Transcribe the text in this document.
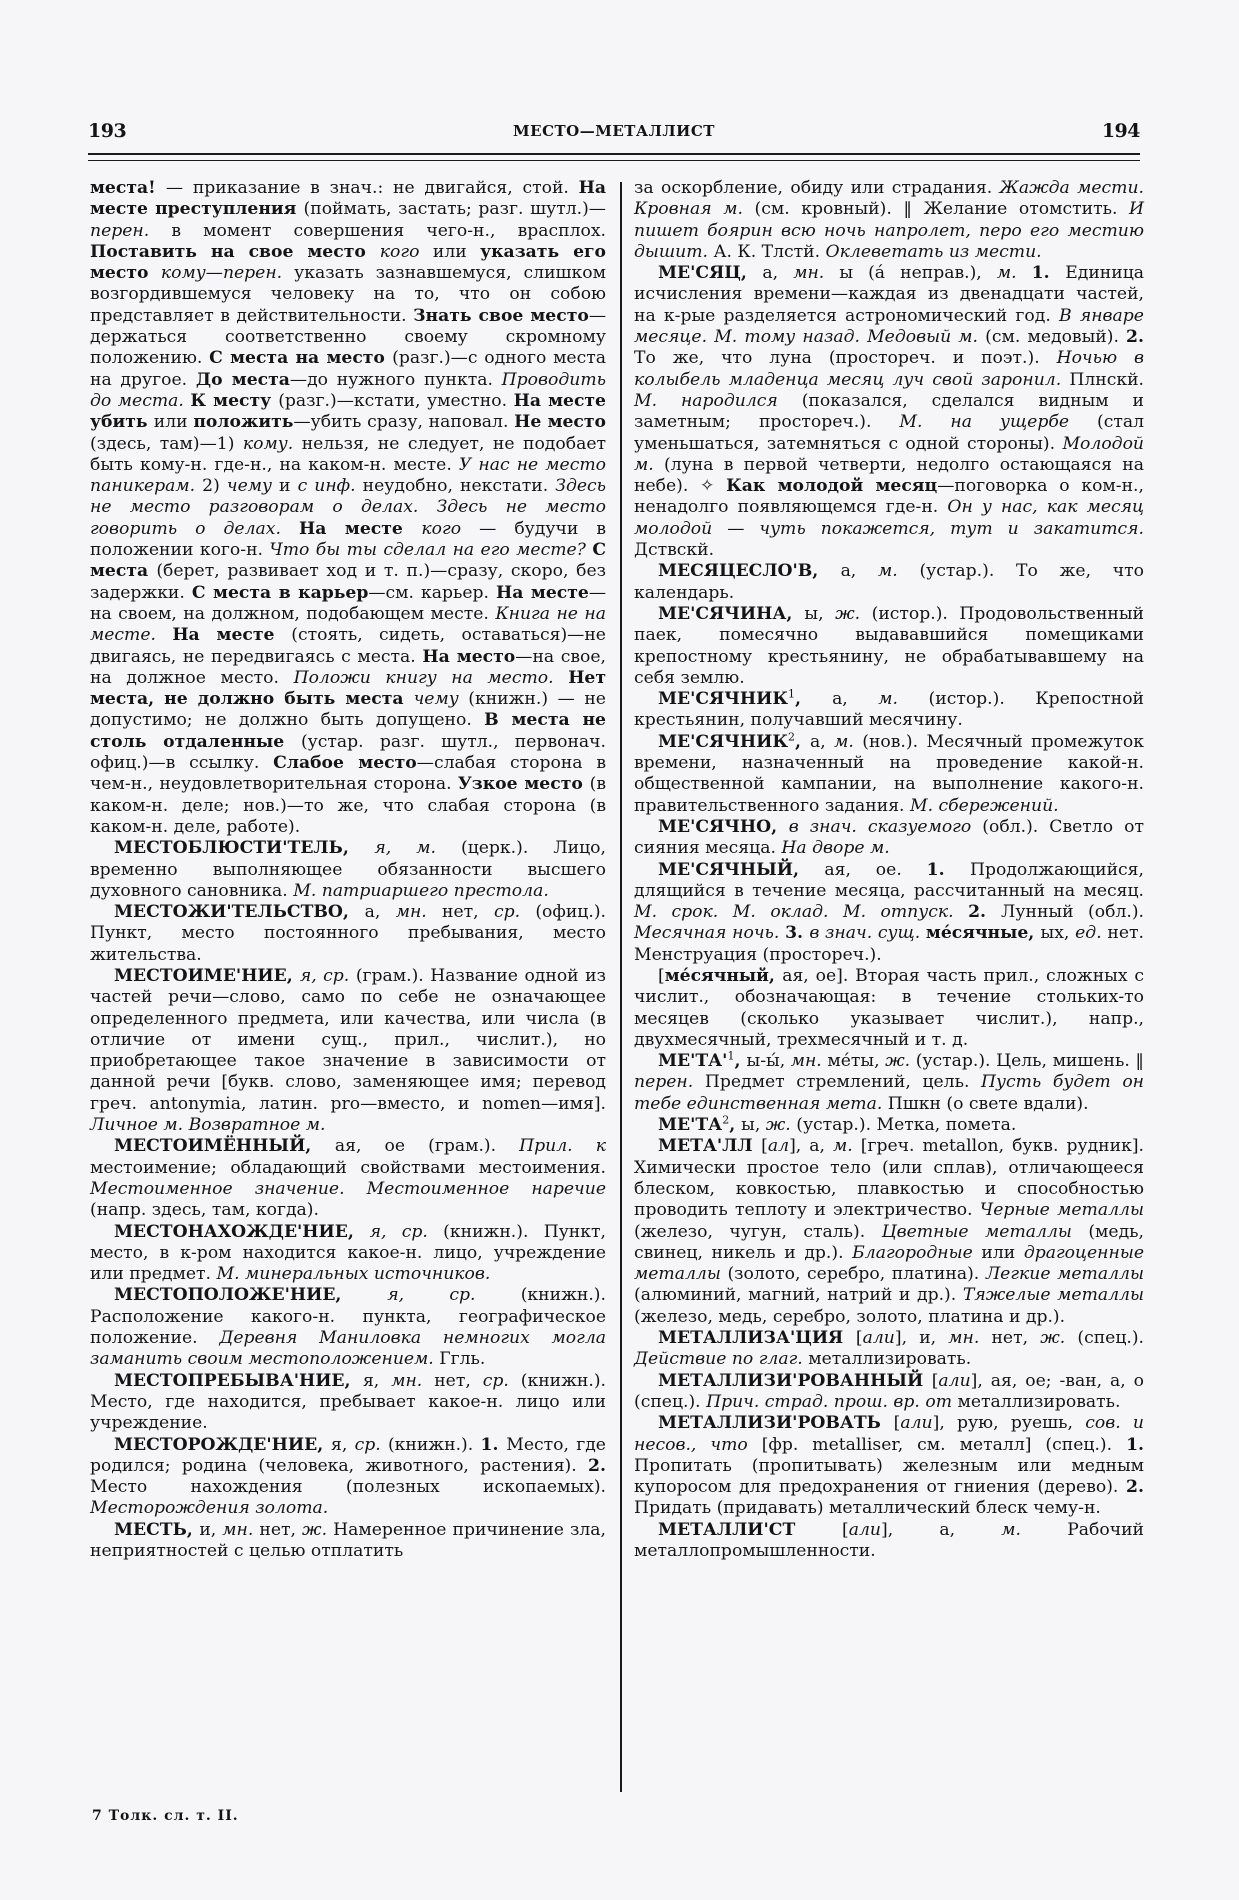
193	МЕСТО—МЕТАЛЛИСТ	194

места! — приказание в знач.: не двигайся, стой. На месте преступления (поймать, застать; разг. шутл.)—перен. в момент совершения чего-н., врасплох. Поставить на свое место кого или указать его место кому—перен. указать зазнавшемуся, слишком возгордившемуся человеку на то, что он собою представляет в действительности. Знать свое место—держаться соответственно своему скромному положению. С места на место (разг.)—с одного места на другое. До места—до нужного пункта. Проводить до места. К месту (разг.)—кстати, уместно. На месте убить или положить—убить сразу, наповал. Не место (здесь, там)—1) кому. нельзя, не следует, не подобает быть кому-н. где-н., на каком-н. месте. У нас не место паникерам. 2) чему и с инф. неудобно, некстати. Здесь не место разговорам о делах. Здесь не место говорить о делах. На месте кого — будучи в положении кого-н. Что бы ты сделал на его месте? С места (берет, развивает ход и т. п.)—сразу, скоро, без задержки. С места в карьер—см. карьер. На месте—на своем, на должном, подобающем месте. Книга не на месте. На месте (стоять, сидеть, оставаться)—не двигаясь, не передвигаясь с места. На место—на свое, на должное место. Положи книгу на место. Нет места, не должно быть места чему (книжн.) — не допустимо; не должно быть допущено. В места не столь отдаленные (устар. разг. шутл., первонач. офиц.)—в ссылку. Слабое место—слабая сторона в чем-н., неудовлетворительная сторона. Узкое место (в каком-н. деле; нов.)—то же, что слабая сторона (в каком-н. деле, работе).

МЕСТОБЛЮСТИ'ТЕЛЬ, я, м. (церк.). Лицо, временно выполняющее обязанности высшего духовного сановника. М. патриаршего престола.

МЕСТОЖИ'ТЕЛЬСТВО, а, мн. нет, ср. (офиц.). Пункт, место постоянного пребывания, место жительства.

МЕСТОИМЕ'НИЕ, я, ср. (грам.). Название одной из частей речи—слово, само по себе не означающее определенного предмета, или качества, или числа (в отличие от имени сущ., прил., числит.), но приобретающее такое значение в зависимости от данной речи [букв. слово, заменяющее имя; перевод греч. antonymia, латин. pro—вместо, и nomen—имя]. Личное м. Возвратное м.

МЕСТОИМЁННЫЙ, ая, ое (грам.). Прил. к местоимение; обладающий свойствами местоимения. Местоименное значение. Местоименное наречие (напр. здесь, там, когда).

МЕСТОНАХОЖДЕ'НИЕ, я, ср. (книжн.). Пункт, место, в к-ром находится какое-н. лицо, учреждение или предмет. М. минеральных источников.

МЕСТОПОЛОЖЕ'НИЕ, я, ср. (книжн.). Расположение какого-н. пункта, географическое положение. Деревня Маниловка немногих могла заманить своим местоположением. Ггль.

МЕСТОПРЕБЫВА'НИЕ, я, мн. нет, ср. (книжн.). Место, где находится, пребывает какое-н. лицо или учреждение.

МЕСТОРОЖДЕ'НИЕ, я, ср. (книжн.). 1. Место, где родился; родина (человека, животного, растения). 2. Место нахождения (полезных ископаемых). Месторождения золота.

МЕСТЬ, и, мн. нет, ж. Намеренное причинение зла, неприятностей с целью отплатить

за оскорбление, обиду или страдания. Жажда мести. Кровная м. (см. кровный). ‖ Желание отомстить. И пишет боярин всю ночь напролет, перо его местию дышит. А. К. Тлстй. Оклеветать из мести.

МЕ'СЯЦ, а, мн. ы (á неправ.), м. 1. Единица исчисления времени—каждая из двенадцати частей, на к-рые разделяется астрономический год. В январе месяце. М. тому назад. Медовый м. (см. медовый). 2. То же, что луна (простореч. и поэт.). Ночью в колыбель младенца месяц луч свой заронил. Плнскй. М. народился (показался, сделался видным и заметным; простореч.). М. на ущербе (стал уменьшаться, затемняться с одной стороны). Молодой м. (луна в первой четверти, недолго остающаяся на небе). ✧ Как молодой месяц—поговорка о ком-н., ненадолго появляющемся где-н. Он у нас, как месяц молодой — чуть покажется, тут и закатится. Дствскй.

МЕСЯЦЕСЛО'В, а, м. (устар.). То же, что календарь.

МЕ'СЯЧИНА, ы, ж. (истор.). Продовольственный паек, помесячно выдававшийся помещиками крепостному крестьянину, не обрабатывавшему на себя землю.

МЕ'СЯЧНИК$^1$, а, м. (истор.). Крепостной крестьянин, получавший месячину.

МЕ'СЯЧНИК$^2$, а, м. (нов.). Месячный промежуток времени, назначенный на проведение какой-н. общественной кампании, на выполнение какого-н. правительственного задания. М. сбережений.

МЕ'СЯЧНО, в знач. сказуемого (обл.). Светло от сияния месяца. На дворе м.

МЕ'СЯЧНЫЙ, ая, ое. 1. Продолжающийся, длящийся в течение месяца, рассчитанный на месяц. М. срок. М. оклад. М. отпуск. 2. Лунный (обл.). Месячная ночь. 3. в знач. сущ. ме́сячные, ых, ед. нет. Менструация (простореч.).

[ме́сячный, ая, ое]. Вторая часть прил., сложных с числит., обозначающая: в течение стольких-то месяцев (сколько указывает числит.), напр., двухмесячный, трехмесячный и т. д.

$МЕ'ТА'^1$, ы-ы́, мн. ме́ты, ж. (устар.). Цель, мишень. ‖ перен. Предмет стремлений, цель. Пусть будет он тебе единственная мета. Пшкн (о свете вдали).

$МЕ'ТА^2$, ы, ж. (устар.). Метка, помета.

МЕТА'ЛЛ [ал], а, м. [греч. metallon, букв. рудник]. Химически простое тело (или сплав), отличающееся блеском, ковкостью, плавкостью и способностью проводить теплоту и электричество. Черные металлы (железо, чугун, сталь). Цветные металлы (медь, свинец, никель и др.). Благородные или драгоценные металлы (золото, серебро, платина). Легкие металлы (алюминий, магний, натрий и др.). Тяжелые металлы (железо, медь, серебро, золото, платина и др.).

МЕТАЛЛИЗА'ЦИЯ [али], и, мн. нет, ж. (спец.). Действие по глаг. металлизировать.

МЕТАЛЛИЗИ'РОВАННЫЙ [али], ая, ое; -ван, а, о (спец.). Прич. страд. прош. вр. от металлизировать.

МЕТАЛЛИЗИ'РОВАТЬ [али], рую, руешь, сов. и несов., что [фр. metalliser, см. металл] (спец.). 1. Пропитать (пропитывать) железным или медным купоросом для предохранения от гниения (дерево). 2. Придать (придавать) металлический блеск чему-н.

МЕТАЛЛИ'СТ [али], а, м. Рабочий металлопромышленности.

7 Толк. сл. т. II.
